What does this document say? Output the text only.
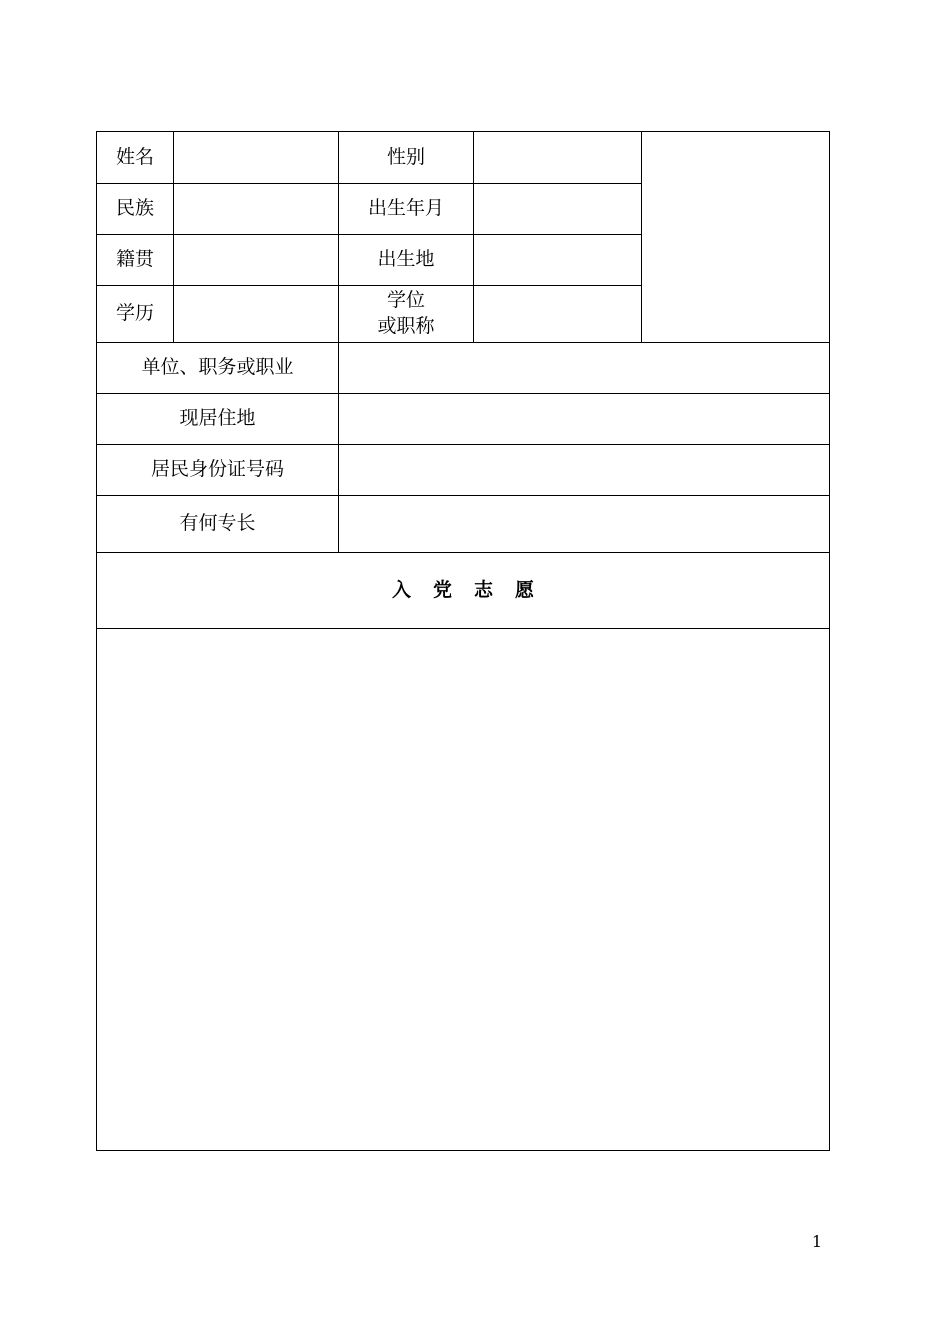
姓名		性别		
民族		出生年月		
籍贯		出生地		
学历		学位
或职称		

单位、职务或职业				
现居住地				
居民身份证号码				
有何专长				
入党志愿				

1
